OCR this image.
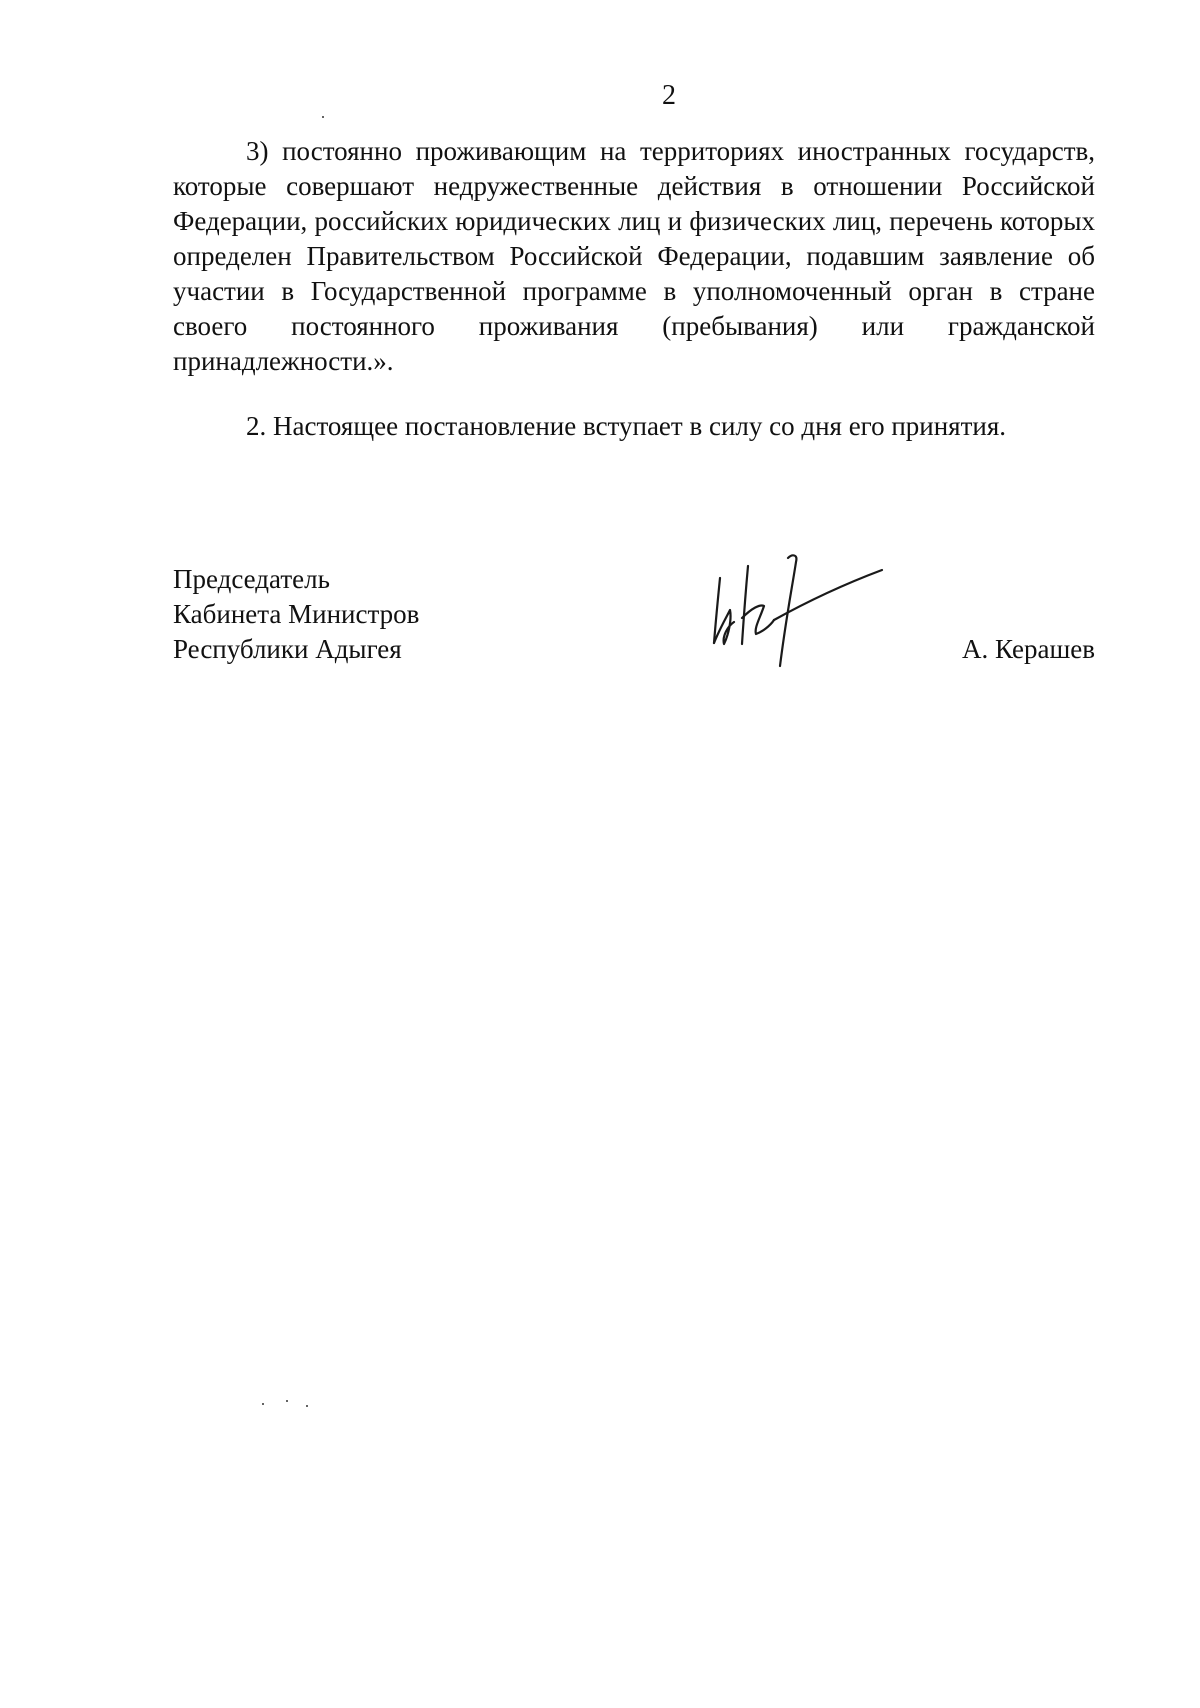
2

3) постоянно проживающим на территориях иностранных государств, которые совершают недружественные действия в отношении Российской Федерации, российских юридических лиц и физических лиц, перечень которых определен Правительством Российской Федерации, подавшим заявление об участии в Государственной программе в уполномоченный орган в стране своего постоянного проживания (пребывания) или гражданской принадлежности.».

2. Настоящее постановление вступает в силу со дня его принятия.

Председатель
Кабинета Министров
Республики Адыгея	А. Керашев
